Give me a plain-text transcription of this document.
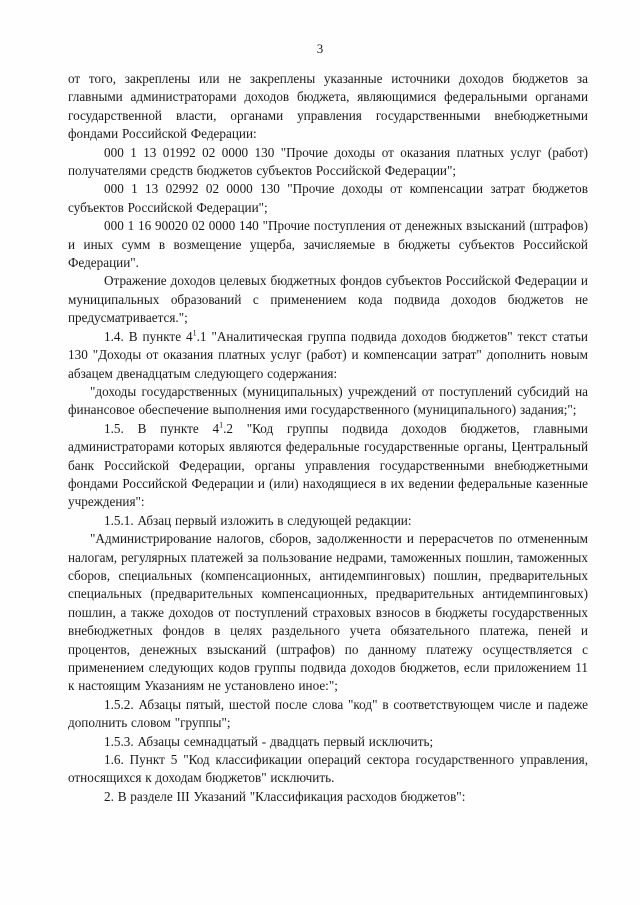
3

от того, закреплены или не закреплены указанные источники доходов бюджетов за главными администраторами доходов бюджета, являющимися федеральными органами государственной власти, органами управления государственными внебюджетными фондами Российской Федерации:

000 1 13 01992 02 0000 130 "Прочие доходы от оказания платных услуг (работ) получателями средств бюджетов субъектов Российской Федерации";

000 1 13 02992 02 0000 130 "Прочие доходы от компенсации затрат бюджетов субъектов Российской Федерации";

000 1 16 90020 02 0000 140 "Прочие поступления от денежных взысканий (штрафов) и иных сумм в возмещение ущерба, зачисляемые в бюджеты субъектов Российской Федерации".

Отражение доходов целевых бюджетных фондов субъектов Российской Федерации и муниципальных образований с применением кода подвида доходов бюджетов не предусматривается.";

1.4. В пункте $4^1.1$ "Аналитическая группа подвида доходов бюджетов" текст статьи 130 "Доходы от оказания платных услуг (работ) и компенсации затрат" дополнить новым абзацем двенадцатым следующего содержания:

"доходы государственных (муниципальных) учреждений от поступлений субсидий на финансовое обеспечение выполнения ими государственного (муниципального) задания;";

1.5. В пункте $4^1.2$ "Код группы подвида доходов бюджетов, главными администраторами которых являются федеральные государственные органы, Центральный банк Российской Федерации, органы управления государственными внебюджетными фондами Российской Федерации и (или) находящиеся в их ведении федеральные казенные учреждения":

1.5.1. Абзац первый изложить в следующей редакции:

"Администрирование налогов, сборов, задолженности и перерасчетов по отмененным налогам, регулярных платежей за пользование недрами, таможенных пошлин, таможенных сборов, специальных (компенсационных, антидемпинговых) пошлин, предварительных специальных (предварительных компенсационных, предварительных антидемпинговых) пошлин, а также доходов от поступлений страховых взносов в бюджеты государственных внебюджетных фондов в целях раздельного учета обязательного платежа, пеней и процентов, денежных взысканий (штрафов) по данному платежу осуществляется с применением следующих кодов группы подвида доходов бюджетов, если приложением 11 к настоящим Указаниям не установлено иное:";

1.5.2. Абзацы пятый, шестой после слова "код" в соответствующем числе и падеже дополнить словом "группы";

1.5.3. Абзацы семнадцатый - двадцать первый исключить;

1.6. Пункт 5 "Код классификации операций сектора государственного управления, относящихся к доходам бюджетов" исключить.

2. В разделе III Указаний "Классификация расходов бюджетов":
